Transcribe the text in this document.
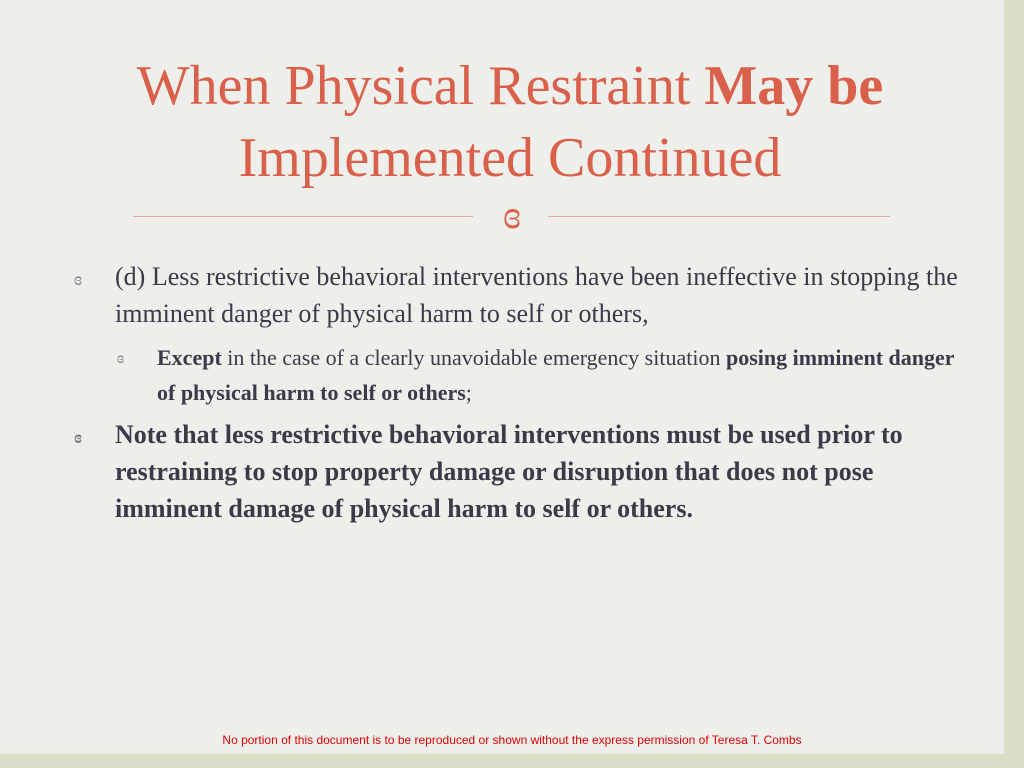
When Physical Restraint May be
Implemented Continued
ɞ
ɞ (d) Less restrictive behavioral interventions have been ineffective in stopping the imminent danger of physical harm to self or others,
ɞ Except in the case of a clearly unavoidable emergency situation posing imminent danger of physical harm to self or others;
ɞ Note that less restrictive behavioral interventions must be used prior to restraining to stop property damage or disruption that does not pose imminent damage of physical harm to self or others.
No portion of this document is to be reproduced or shown without the express permission of Teresa T. Combs
